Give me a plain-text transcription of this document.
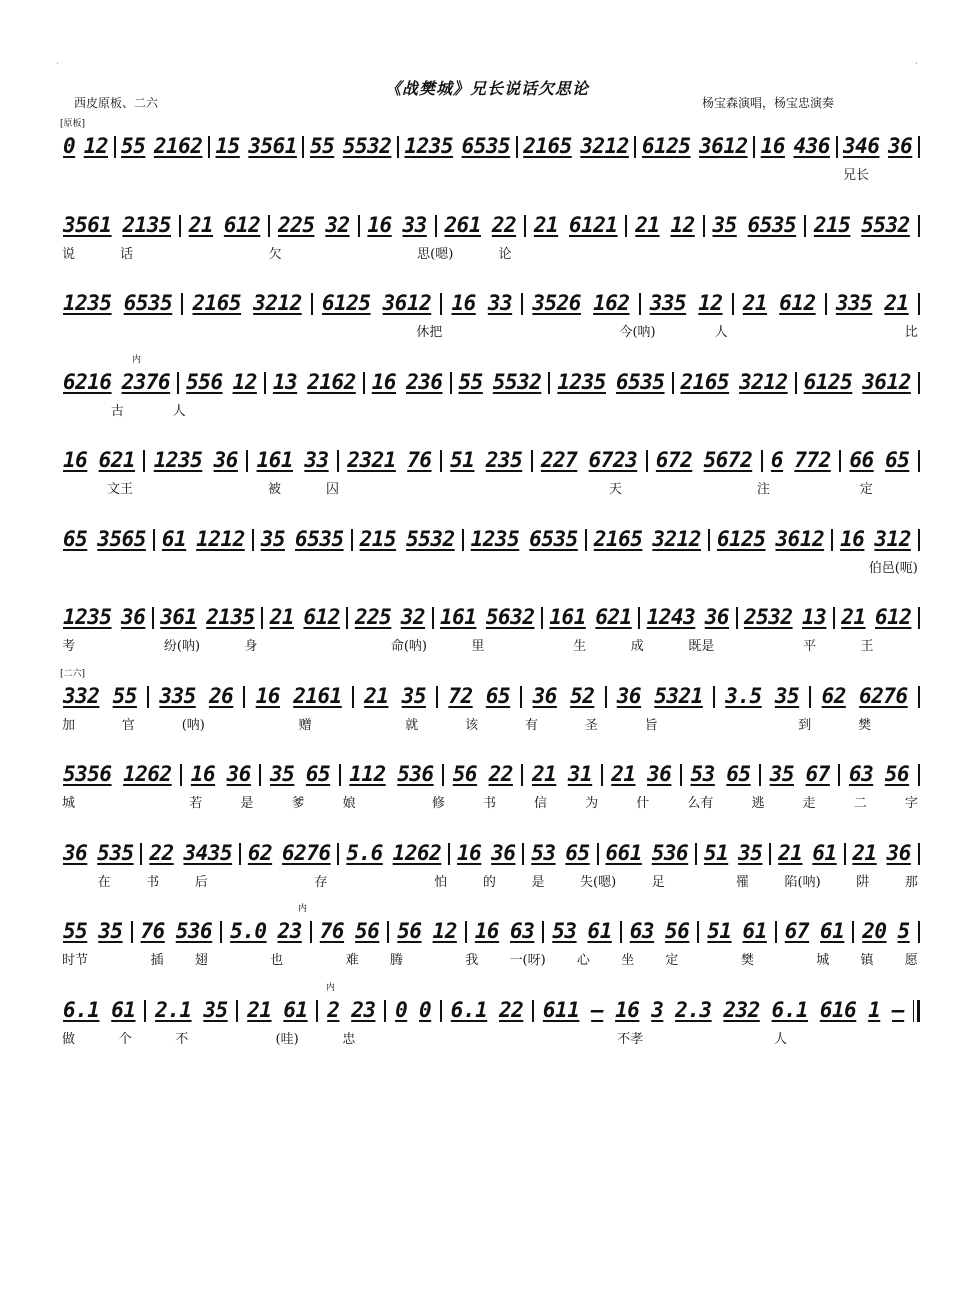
.	.
《战樊城》兄长说话欠思论
西皮原板、二六	杨宝森演唱，杨宝忠演奏
[原板]
0 12 55 2162 15 3561 55 5532 1235 6535 2165 3212 6125 3612 16 436 346 36
兄长
3561 2135 21 612 225 32 16 33 261 22 21 6121 21 12 35 6535 215 5532
说	话	欠	思(嗯)	论
1235 6535 2165 3212 6125 3612 16 33 3526 162 335 12 21 612 335 21
休把	今(呐)	人	比
内
6216 2376 556 12 13 2162 16 236 55 5532 1235 6535 2165 3212 6125 3612
古	人
16 621 1235 36 161 33 2321 76 51 235 227 6723 672 5672 6 772 66 65
文王	被	囚	天	注	定
65 3565 61 1212 35 6535 215 5532 1235 6535 2165 3212 6125 3612 16 312
伯邑(呃)
1235 36 361 2135 21 612 225 32 161 5632 161 621 1243 36 2532 13 21 612
考	纷(呐)	身	命(呐)	里	生	成	既是	平	王
[二六]
332 55 335 26 16 2161 21 35 72 65 36 52 36 5321 3.5 35 62 6276
加	官	(呐)	赠	就	该	有	圣	旨	到	樊
5356 1262 16 36 35 65 112 536 56 22 21 31 21 36 53 65 35 67 63 56
城	若	是	爹	娘	修	书	信	为	什	么有	逃	走	二	字
36 535 22 3435 62 6276 5.6 1262 16 36 53 65 661 536 51 35 21 61 21 36
在	书	后	存	怕	的	是	失(嗯)	足	罹	陷(呐)	阱	那
内
55 35 76 536 5.0 23 76 56 56 12 16 63 53 61 63 56 51 61 67 61 20 5
时节	插 翅	也	难 腾	我 一(呀) 心 坐 定	樊	城 镇 愿
内
6.1 61 2.1 35 21 61 2 23 0 0 6.1 22 611 — 16 3 2.3 232 6.1 616 1 —
做	个	不	(哇)	忠	不孝	人
